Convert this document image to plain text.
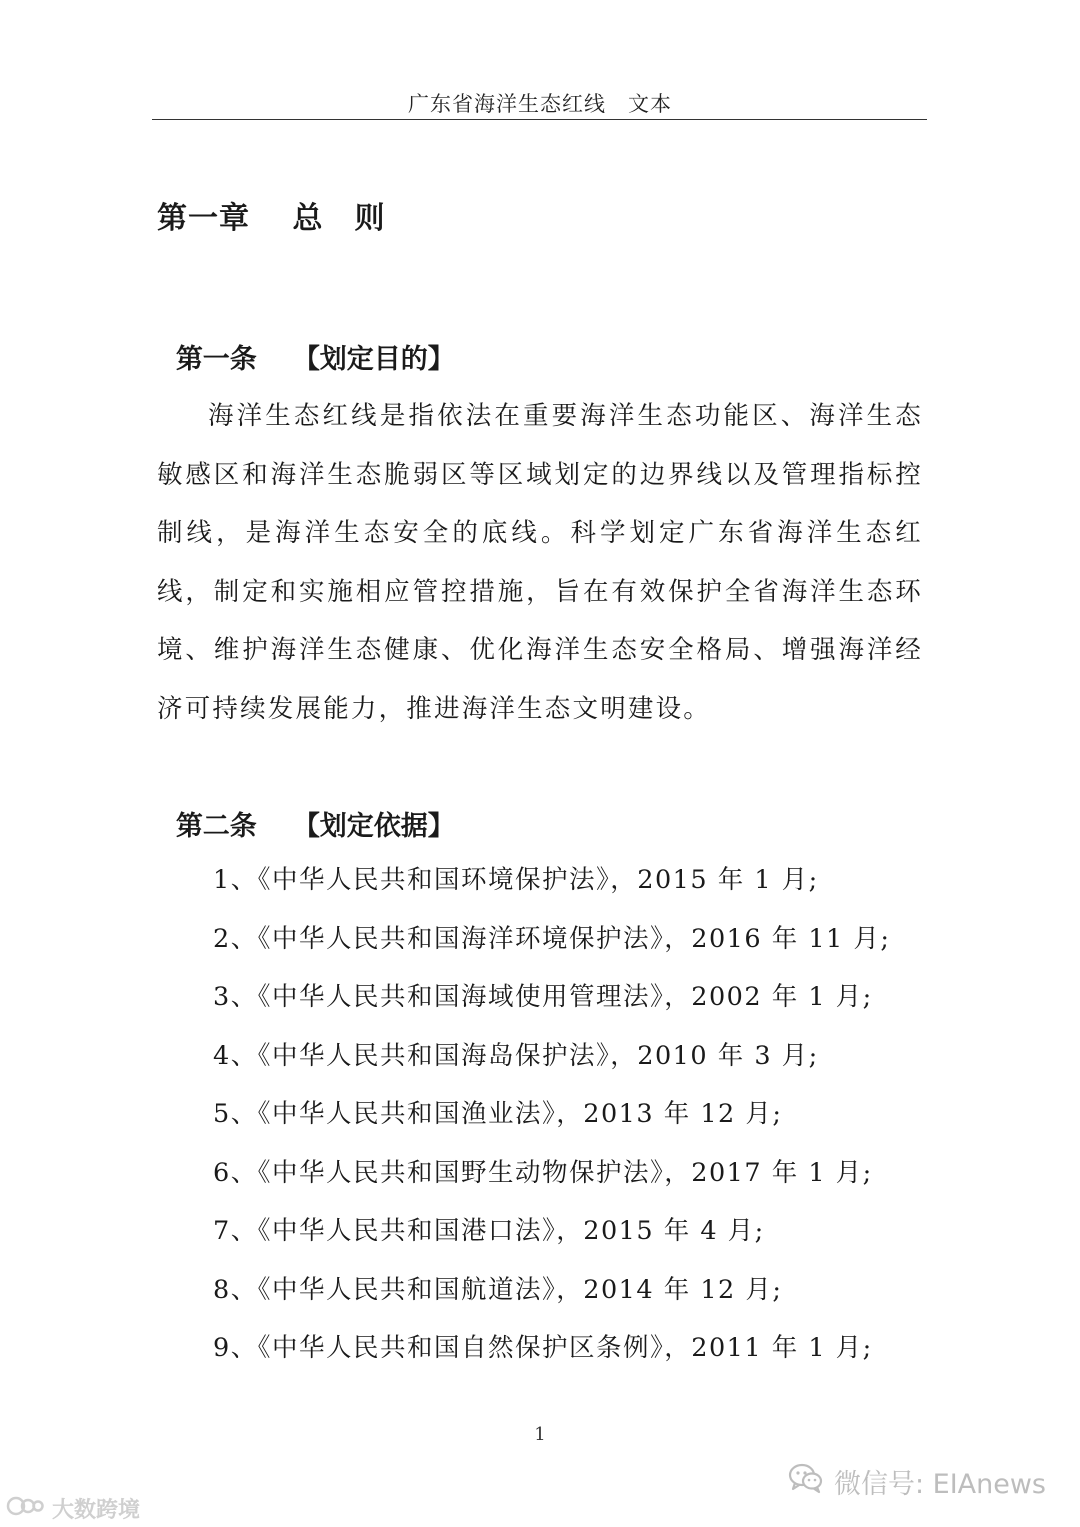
广东省海洋生态红线　文本
第一章　 总　则

第一条 【划定目的】

海洋生态红线是指依法在重要海洋生态功能区、海洋生态敏感区和海洋生态脆弱区等区域划定的边界线以及管理指标控制线，是海洋生态安全的底线。科学划定广东省海洋生态红线，制定和实施相应管控措施，旨在有效保护全省海洋生态环境、维护海洋生态健康、优化海洋生态安全格局、增强海洋经济可持续发展能力，推进海洋生态文明建设。

第二条 【划定依据】

1、《中华人民共和国环境保护法》，2015 年 1 月;
2、《中华人民共和国海洋环境保护法》，2016 年 11 月;
3、《中华人民共和国海域使用管理法》，2002 年 1 月;
4、《中华人民共和国海岛保护法》，2010 年 3 月;
5、《中华人民共和国渔业法》，2013 年 12 月;
6、《中华人民共和国野生动物保护法》，2017 年 1 月;
7、《中华人民共和国港口法》，2015 年 4 月;
8、《中华人民共和国航道法》，2014 年 12 月;
9、《中华人民共和国自然保护区条例》，2011 年 1 月;
1
微信号: EIAnews
大数跨境
